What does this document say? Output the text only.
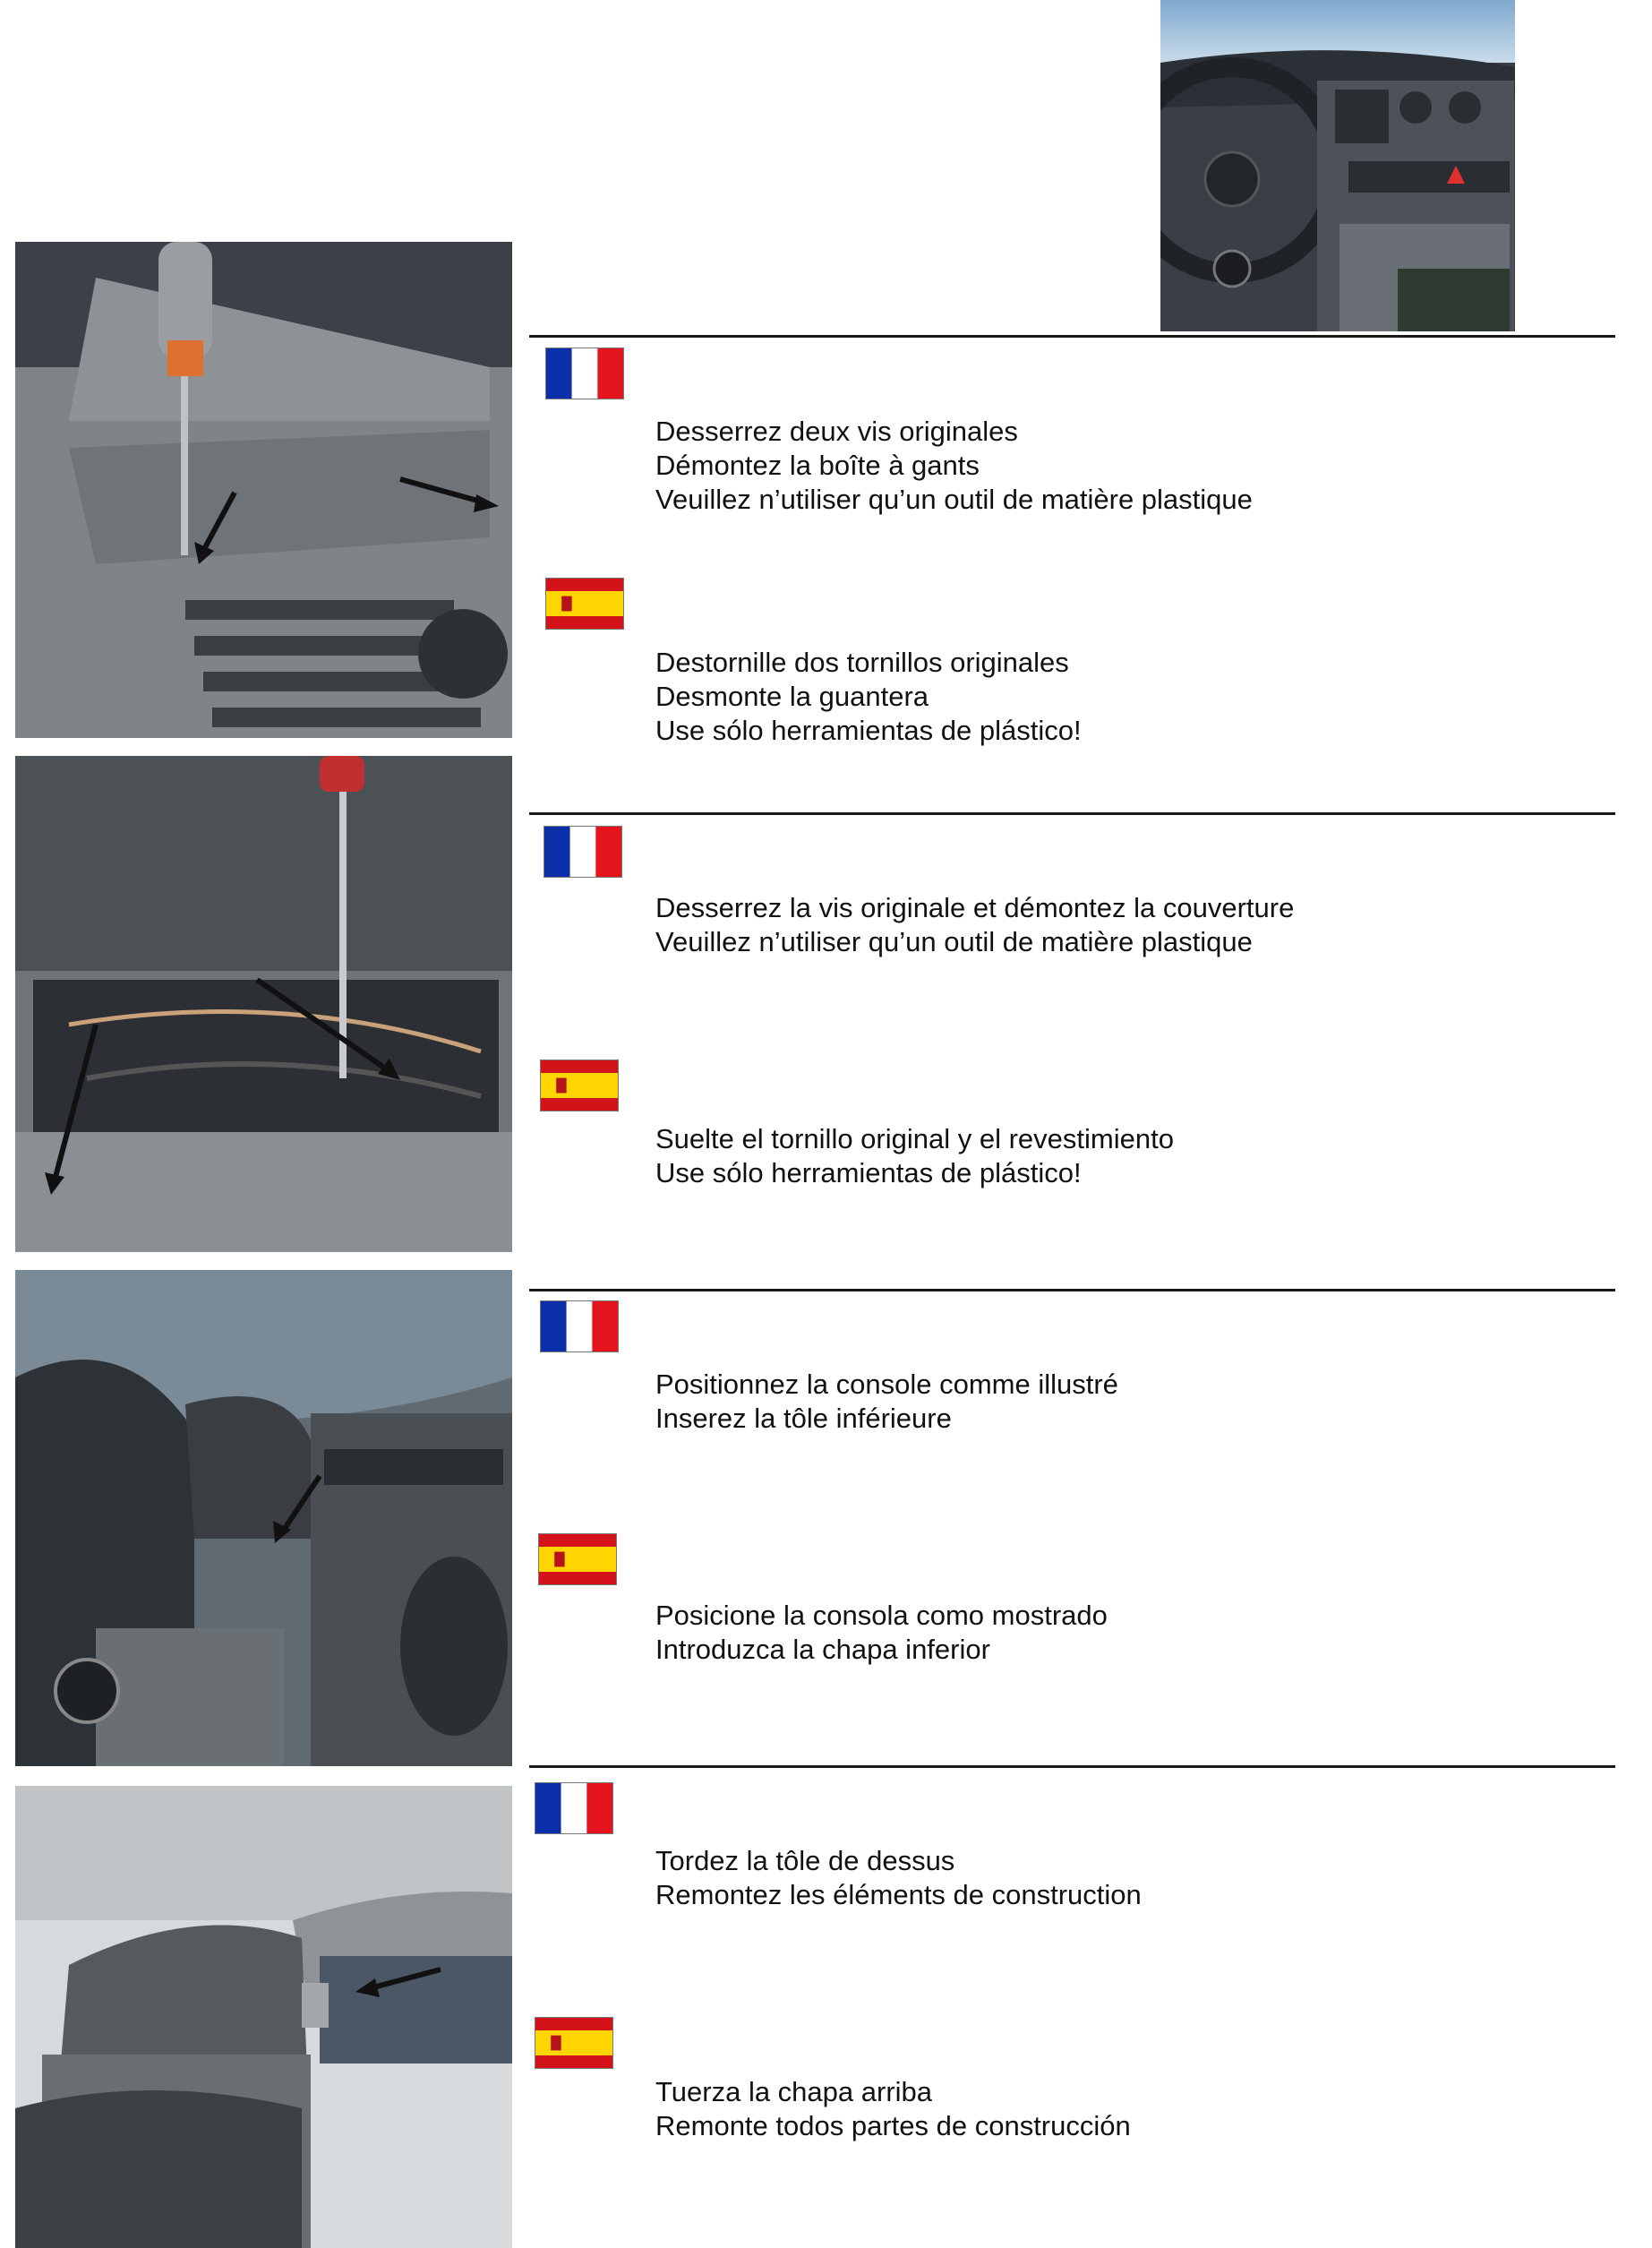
Desserrez deux vis originales
Démontez la boîte à gants
Veuillez n’utiliser qu’un outil de matière plastique

Destornille dos tornillos originales
Desmonte la guantera
Use sólo herramientas de plástico!

Desserrez la vis originale et démontez la couverture
Veuillez n’utiliser qu’un outil de matière plastique

Suelte el tornillo original y el revestimiento
Use sólo herramientas de plástico!

Positionnez la console comme illustré
Inserez la tôle inférieure

Posicione la consola como mostrado
Introduzca la chapa inferior

Tordez la tôle de dessus
Remontez les éléments de construction

Tuerza la chapa arriba
Remonte todos partes de construcción
